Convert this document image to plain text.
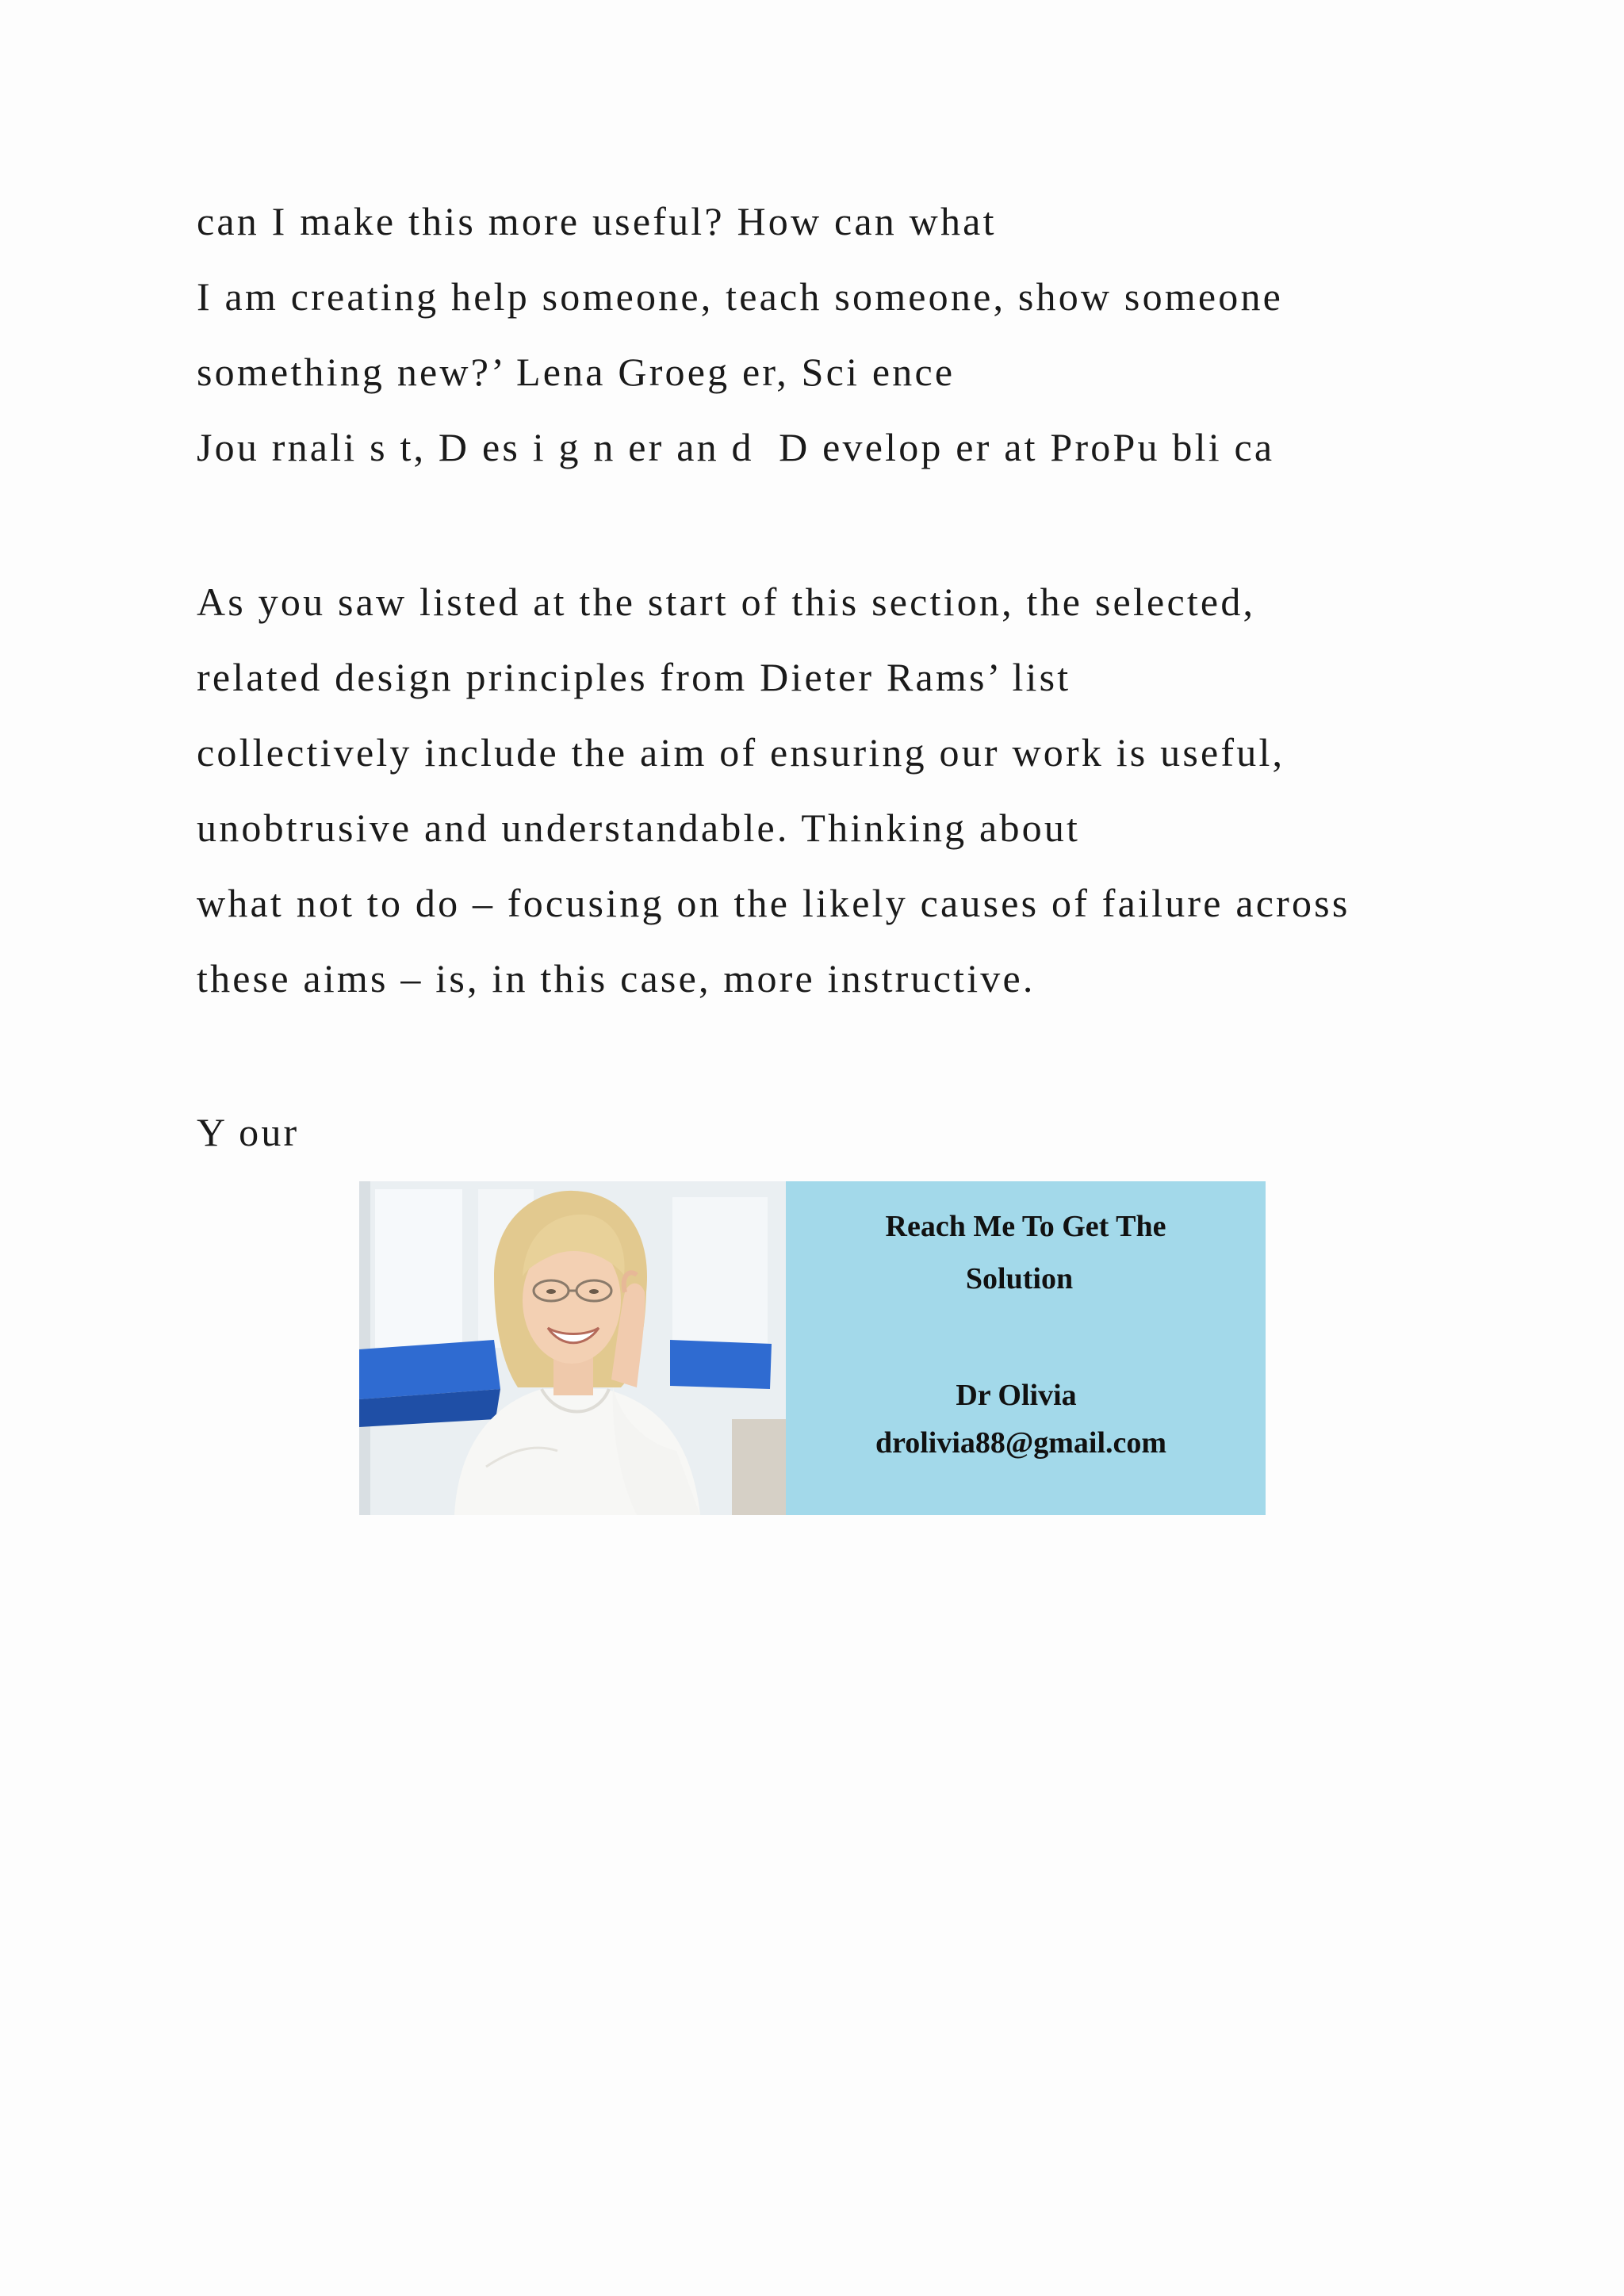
can I make this more useful? How can what

I am creating help someone, teach someone, show someone

something new?’ Lena Groeg er, Sci ence

Jou rnali s t, D es i g n er an d  D evelop er at ProPu bli ca

As you saw listed at the start of this section, the selected,

related design principles from Dieter Rams’ list

collectively include the aim of ensuring our work is useful,

unobtrusive and understandable. Thinking about

what not to do – focusing on the likely causes of failure across

these aims – is, in this case, more instructive.

Y our

Reach Me To Get The

Solution

Dr Olivia

drolivia88@gmail.com
